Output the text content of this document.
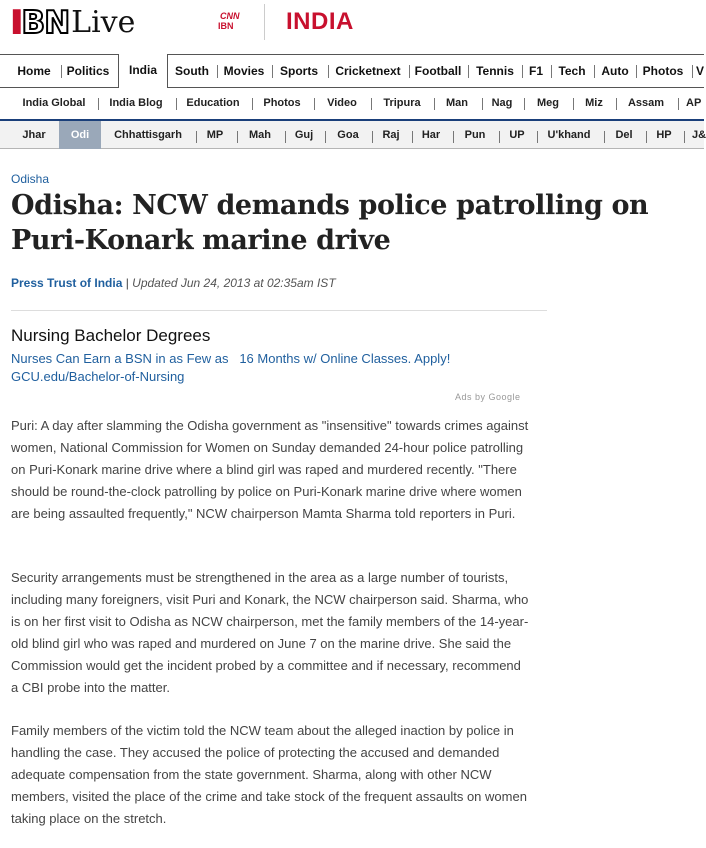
IBN Live	CNN
IBN INDIA
Home	Politics	India	South Movies	Sports	Cricketnext Football	Tennis	F1 Tech Auto Photos V
India Global	India Blog	Education	Photos	Video	Tripura	Man	Nag	Meg	Miz	Assam	AP
Jhar	Odi	Chhattisgarh	MP	Mah	Guj	Goa	Raj	Har	Pun	UP	U'khand	Del	HP	J&
Odisha
Odisha: NCW demands police patrolling on Puri-Konark marine drive
Press Trust of India | Updated Jun 24, 2013 at 02:35am IST
Nursing Bachelor Degrees
Nurses Can Earn a BSN in as Few as   16 Months w/ Online Classes. Apply!
GCU.edu/Bachelor-of-Nursing
Ads by Google

Puri: A day after slamming the Odisha government as "insensitive" towards crimes against women, National Commission for Women on Sunday demanded 24-hour police patrolling on Puri-Konark marine drive where a blind girl was raped and murdered recently. "There should be round-the-clock patrolling by police on Puri-Konark marine drive where women are being assaulted frequently," NCW chairperson Mamta Sharma told reporters in Puri.

Security arrangements must be strengthened in the area as a large number of tourists, including many foreigners, visit Puri and Konark, the NCW chairperson said. Sharma, who is on her first visit to Odisha as NCW chairperson, met the family members of the 14-year-old blind girl who was raped and murdered on June 7 on the marine drive. She said the Commission would get the incident probed by a committee and if necessary, recommend a CBI probe into the matter.

Family members of the victim told the NCW team about the alleged inaction by police in handling the case. They accused the police of protecting the accused and demanded adequate compensation from the state government. Sharma, along with other NCW members, visited the place of the crime and take stock of the frequent assaults on women taking place on the stretch.
